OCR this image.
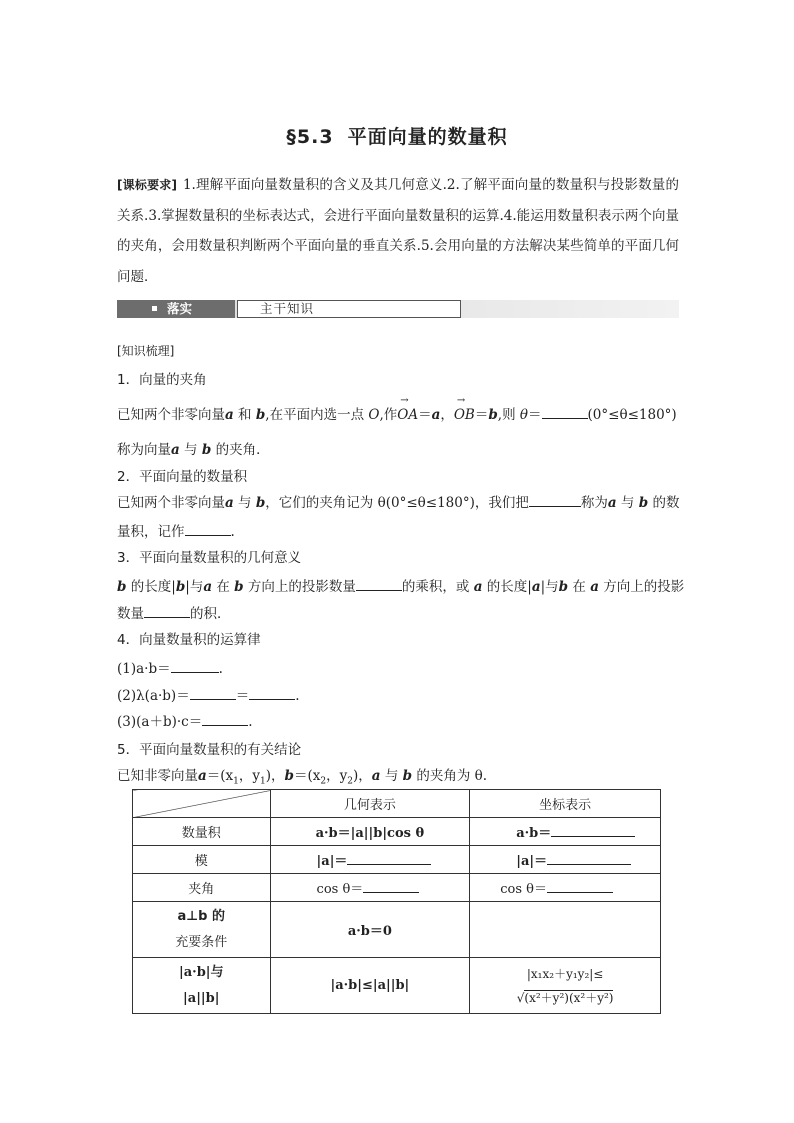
§5.3 平面向量的数量积
[课标要求] 1.理解平面向量数量积的含义及其几何意义.2.了解平面向量的数量积与投影数量的关系.3.掌握数量积的坐标表达式，会进行平面向量数量积的运算.4.能运用数量积表示两个向量的夹角，会用数量积判断两个平面向量的垂直关系.5.会用向量的方法解决某些简单的平面几何问题．
落实	主干知识
[知识梳理]
1．向量的夹角
已知两个非零向量a 和 b,在平面内选一点 O,作→ OA＝a，→ OB＝b,则 θ＝	(0°≤θ≤180°)
称为向量a 与 b 的夹角．
2．平面向量的数量积
已知两个非零向量a 与 b，它们的夹角记为 θ(0°≤θ≤180°)，我们把	称为a 与 b 的数
量积，记作	.
3．平面向量数量积的几何意义
b 的长度|b|与a 在 b 方向上的投影数量	的乘积，或 a 的长度|a|与b 在 a 方向上的投影
数量	的积．
4．向量数量积的运算律
(1)a·b＝	.
(2)λ(a·b)＝	＝	.
(3)(a＋b)·c＝	.
5．平面向量数量积的有关结论
已知非零向量$a=(x_1$，$y_1$)，$b=(x_2$，$y_2$)，a 与 b 的夹角为 θ.
	几何表示	坐标表示
数量积	a·b＝|a||b|cos θ	a·b＝
模	|a|＝	|a|＝
夹角	cos θ＝	cos θ＝
a⊥b 的
充要条件	a·b＝0	
|a·b|与
|a||b|	|a·b|≤|a||b|	|x₁x₂＋y₁y₂|≤
√(x²＋y²)(x²＋y²)
